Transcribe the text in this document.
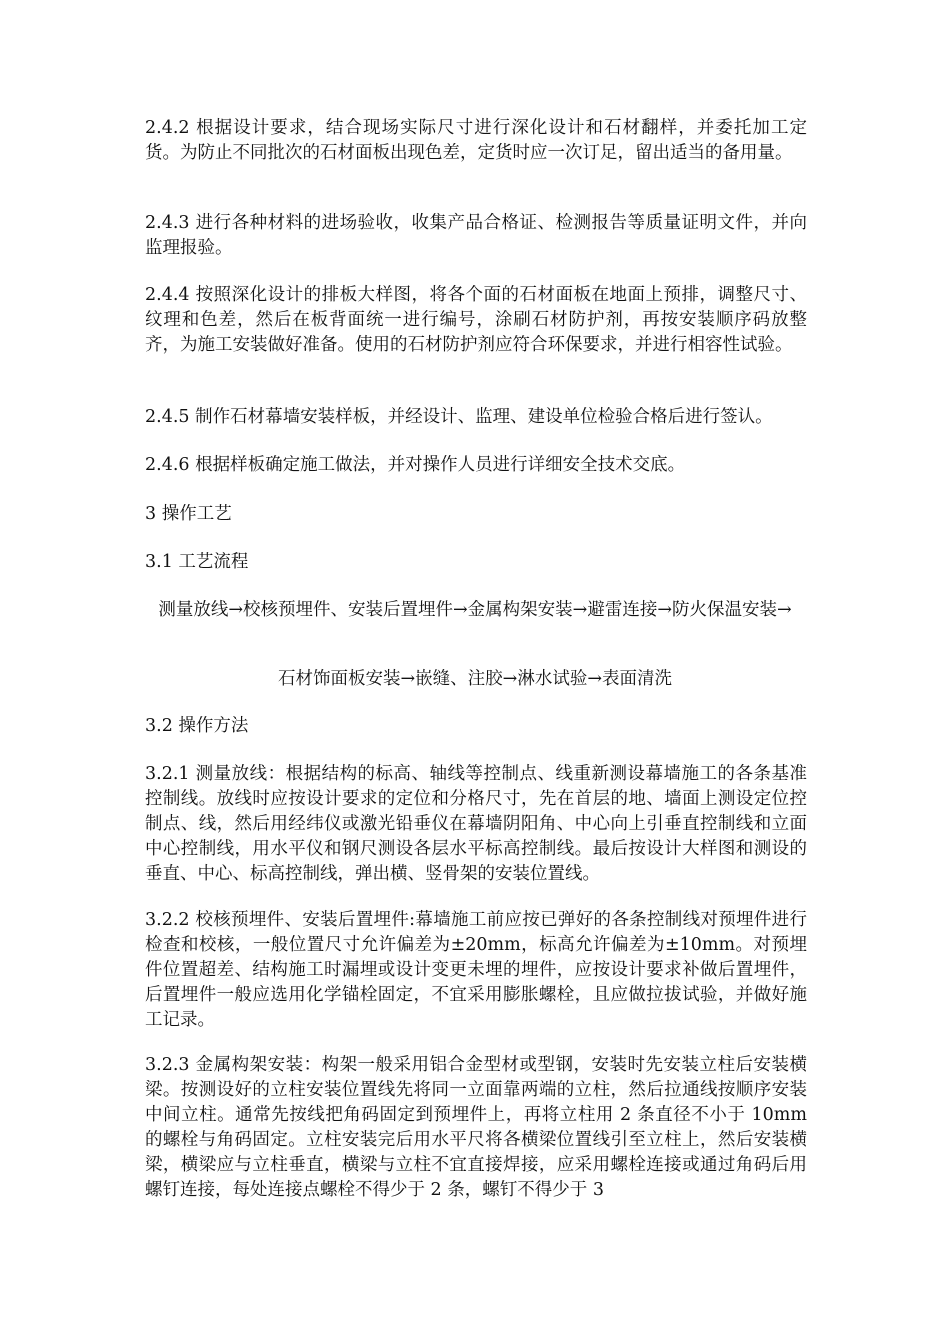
2.4.2 根据设计要求，结合现场实际尺寸进行深化设计和石材翻样，并委托加工定货。为防止不同批次的石材面板出现色差，定货时应一次订足，留出适当的备用量。

2.4.3 进行各种材料的进场验收，收集产品合格证、检测报告等质量证明文件，并向监理报验。

2.4.4 按照深化设计的排板大样图，将各个面的石材面板在地面上预排，调整尺寸、纹理和色差，然后在板背面统一进行编号，涂刷石材防护剂，再按安装顺序码放整齐，为施工安装做好准备。使用的石材防护剂应符合环保要求，并进行相容性试验。

2.4.5 制作石材幕墙安装样板，并经设计、监理、建设单位检验合格后进行签认。

2.4.6 根据样板确定施工做法，并对操作人员进行详细安全技术交底。

3 操作工艺

3.1 工艺流程

测量放线→校核预埋件、安装后置埋件→金属构架安装→避雷连接→防火保温安装→

石材饰面板安装→嵌缝、注胶→淋水试验→表面清洗

3.2 操作方法

3.2.1 测量放线：根据结构的标高、轴线等控制点、线重新测设幕墙施工的各条基准控制线。放线时应按设计要求的定位和分格尺寸，先在首层的地、墙面上测设定位控制点、线，然后用经纬仪或激光铅垂仪在幕墙阴阳角、中心向上引垂直控制线和立面中心控制线，用水平仪和钢尺测设各层水平标高控制线。最后按设计大样图和测设的垂直、中心、标高控制线，弹出横、竖骨架的安装位置线。

3.2.2 校核预埋件、安装后置埋件:幕墙施工前应按已弹好的各条控制线对预埋件进行检查和校核，一般位置尺寸允许偏差为±20mm，标高允许偏差为±10mm。对预埋件位置超差、结构施工时漏埋或设计变更未埋的埋件，应按设计要求补做后置埋件，后置埋件一般应选用化学锚栓固定，不宜采用膨胀螺栓，且应做拉拔试验，并做好施工记录。

3.2.3 金属构架安装：构架一般采用铝合金型材或型钢，安装时先安装立柱后安装横梁。按测设好的立柱安装位置线先将同一立面靠两端的立柱，然后拉通线按顺序安装中间立柱。通常先按线把角码固定到预埋件上，再将立柱用 2 条直径不小于 10mm 的螺栓与角码固定。立柱安装完后用水平尺将各横梁位置线引至立柱上，然后安装横梁，横梁应与立柱垂直，横梁与立柱不宜直接焊接，应采用螺栓连接或通过角码后用螺钉连接，每处连接点螺栓不得少于 2 条，螺钉不得少于 3
